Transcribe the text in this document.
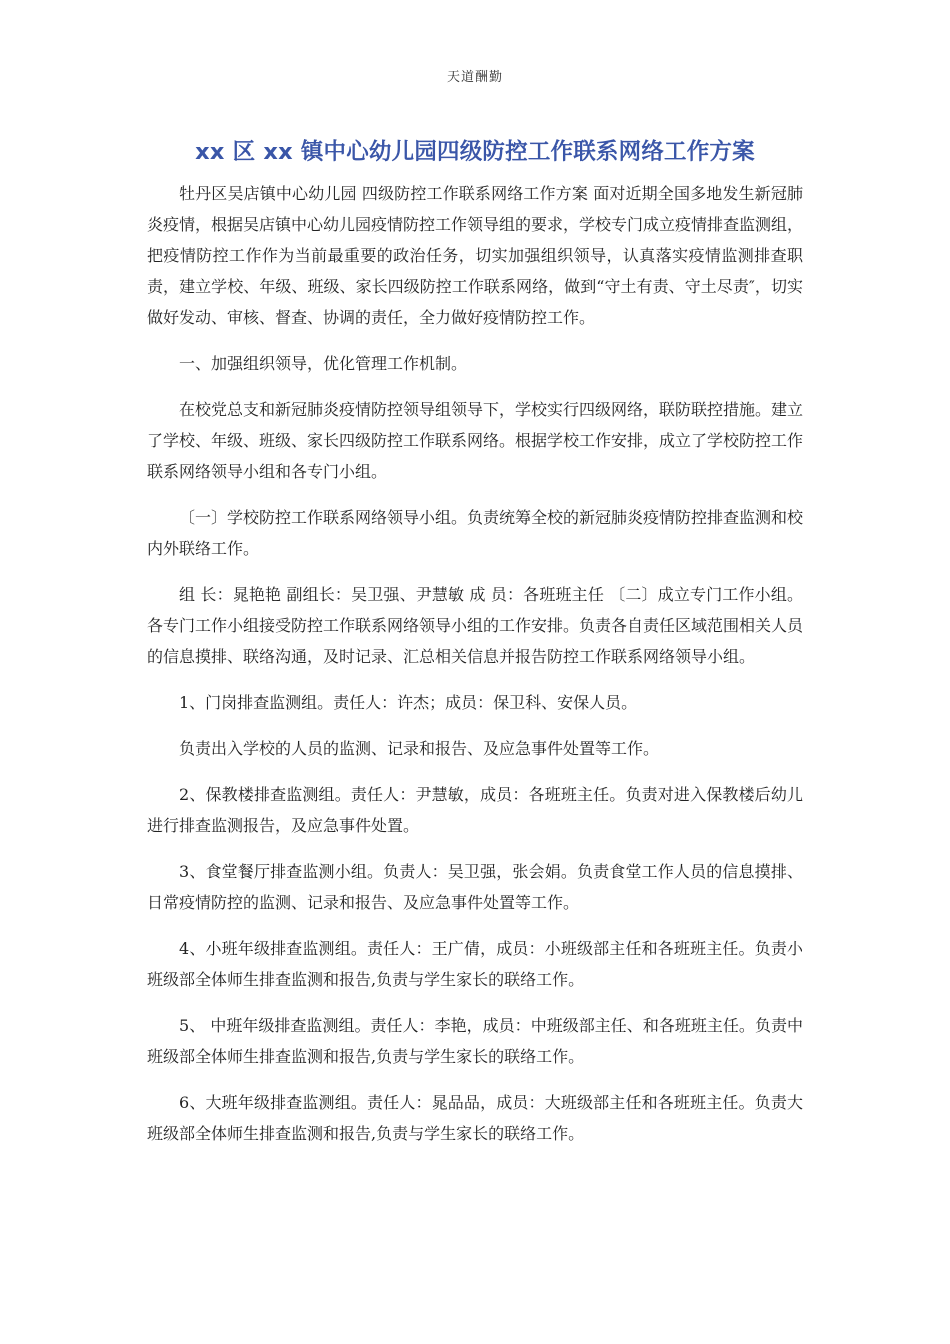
天道酬勤
xx 区 xx 镇中心幼儿园四级防控工作联系网络工作方案

牡丹区吴店镇中心幼儿园 四级防控工作联系网络工作方案 面对近期全国多地发生新冠肺炎疫情，根据吴店镇中心幼儿园疫情防控工作领导组的要求，学校专门成立疫情排查监测组，把疫情防控工作作为当前最重要的政治任务，切实加强组织领导，认真落实疫情监测排查职责，建立学校、年级、班级、家长四级防控工作联系网络，做到“守土有责、守土尽责″，切实做好发动、审核、督查、协调的责任，全力做好疫情防控工作。

一、加强组织领导，优化管理工作机制。

在校党总支和新冠肺炎疫情防控领导组领导下，学校实行四级网络，联防联控措施。建立了学校、年级、班级、家长四级防控工作联系网络。根据学校工作安排，成立了学校防控工作联系网络领导小组和各专门小组。

〔一〕学校防控工作联系网络领导小组。负责统筹全校的新冠肺炎疫情防控排查监测和校内外联络工作。

组 长：晁艳艳 副组长：吴卫强、尹慧敏 成 员：各班班主任 〔二〕成立专门工作小组。各专门工作小组接受防控工作联系网络领导小组的工作安排。负责各自责任区域范围相关人员的信息摸排、联络沟通，及时记录、汇总相关信息并报告防控工作联系网络领导小组。

1、门岗排查监测组。责任人：许杰；成员：保卫科、安保人员。

负责出入学校的人员的监测、记录和报告、及应急事件处置等工作。

2、保教楼排查监测组。责任人：尹慧敏，成员：各班班主任。负责对进入保教楼后幼儿进行排查监测报告，及应急事件处置。

3、食堂餐厅排查监测小组。负责人：吴卫强，张会娟。负责食堂工作人员的信息摸排、日常疫情防控的监测、记录和报告、及应急事件处置等工作。

4、小班年级排查监测组。责任人：王广倩，成员：小班级部主任和各班班主任。负责小班级部全体师生排查监测和报告,负责与学生家长的联络工作。

5、 中班年级排查监测组。责任人：李艳，成员：中班级部主任、和各班班主任。负责中班级部全体师生排查监测和报告,负责与学生家长的联络工作。

6、大班年级排查监测组。责任人：晁品品，成员：大班级部主任和各班班主任。负责大班级部全体师生排查监测和报告,负责与学生家长的联络工作。
